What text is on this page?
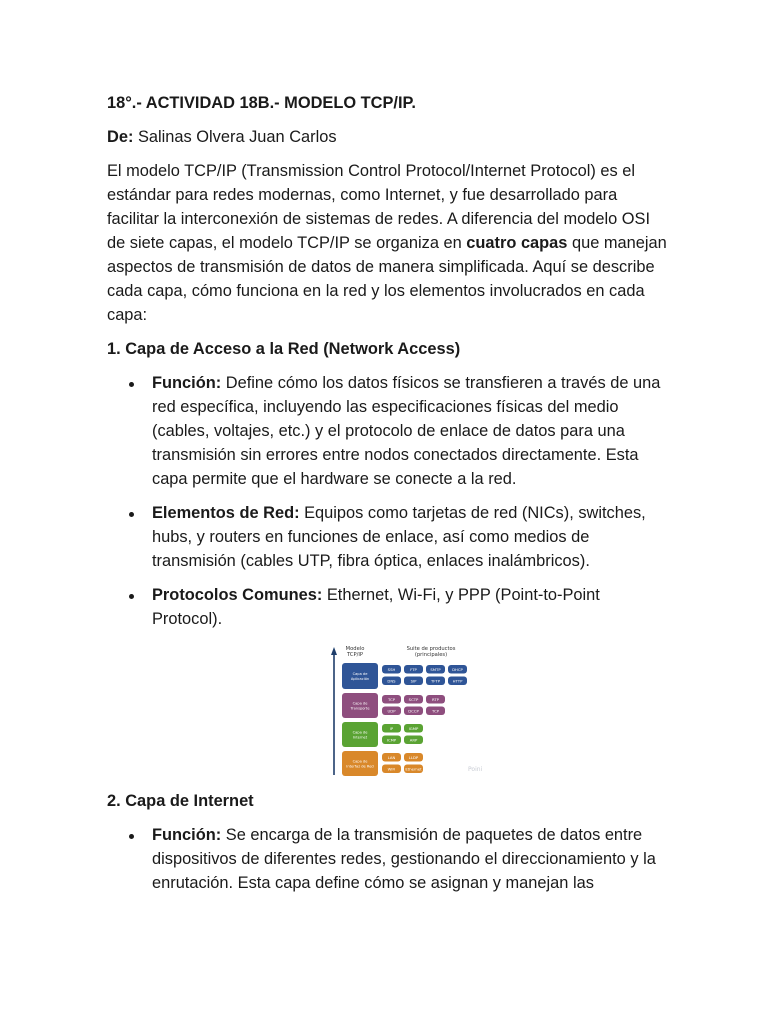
18°.- ACTIVIDAD 18B.- MODELO TCP/IP.

De: Salinas Olvera Juan Carlos

El modelo TCP/IP (Transmission Control Protocol/Internet Protocol) es el estándar para redes modernas, como Internet, y fue desarrollado para facilitar la interconexión de sistemas de redes. A diferencia del modelo OSI de siete capas, el modelo TCP/IP se organiza en cuatro capas que manejan aspectos de transmisión de datos de manera simplificada. Aquí se describe cada capa, cómo funciona en la red y los elementos involucrados en cada capa:

1. Capa de Acceso a la Red (Network Access)

Función: Define cómo los datos físicos se transfieren a través de una red específica, incluyendo las especificaciones físicas del medio (cables, voltajes, etc.) y el protocolo de enlace de datos para una transmisión sin errores entre nodos conectados directamente. Esta capa permite que el hardware se conecte a la red.
Elementos de Red: Equipos como tarjetas de red (NICs), switches, hubs, y routers en funciones de enlace, así como medios de transmisión (cables UTP, fibra óptica, enlaces inalámbricos).
Protocolos Comunes: Ethernet, Wi-Fi, y PPP (Point-to-Point Protocol).
Modelo
TCP/IP
Suite de productos
(principales)
Capa de
Aplicación
SSH	FTP	SMTP	DHCP
DNS	SIP	TFTP	HTTP
Capa de
Transporte
TCP	SCTP	RTP
UDP	DCCP	TCP
Capa de
Internet
IP	IGMP
ICMP	ARP
Capa de
Interfaz de Red
LAN	LLDP
WiFi	Ethernet	Poini

2. Capa de Internet

Función: Se encarga de la transmisión de paquetes de datos entre dispositivos de diferentes redes, gestionando el direccionamiento y la enrutación. Esta capa define cómo se asignan y manejan las
